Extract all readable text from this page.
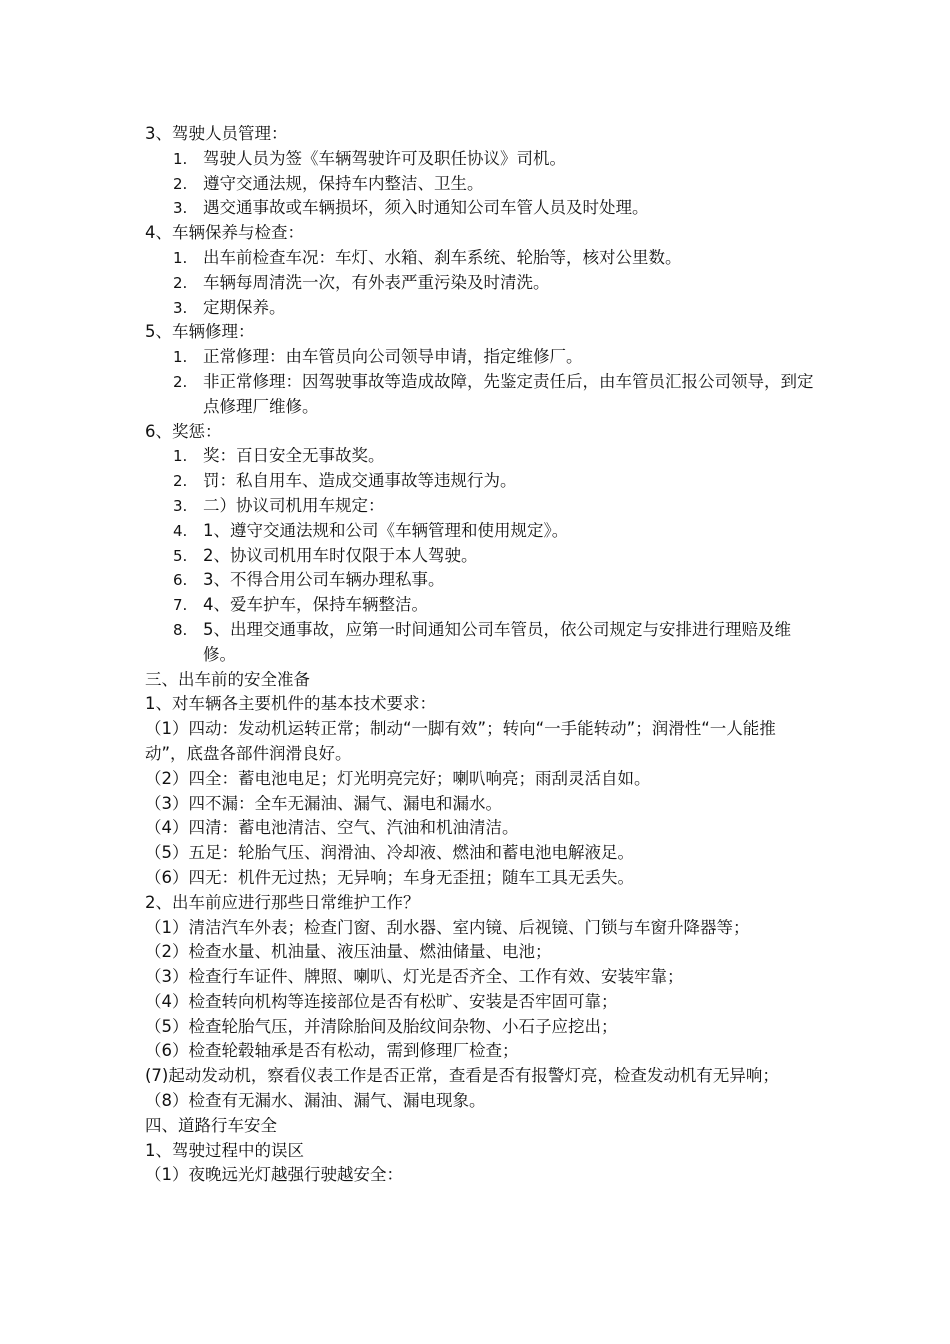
3、驾驶人员管理：

1. 驾驶人员为签《车辆驾驶许可及职任协议》司机。
2. 遵守交通法规，保持车内整洁、卫生。
3. 遇交通事故或车辆损坏，须入时通知公司车管人员及时处理。

4、车辆保养与检查：

1. 出车前检查车况：车灯、水箱、刹车系统、轮胎等，核对公里数。
2. 车辆每周清洗一次，有外表严重污染及时清洗。
3. 定期保养。

5、车辆修理：

1. 正常修理：由车管员向公司领导申请，指定维修厂。
2. 非正常修理：因驾驶事故等造成故障，先鉴定责任后，由车管员汇报公司领导，到定点修理厂维修。

6、奖惩：

1. 奖：百日安全无事故奖。
2. 罚：私自用车、造成交通事故等违规行为。
3. 二）协议司机用车规定：
4. 1、遵守交通法规和公司《车辆管理和使用规定》。
5. 2、协议司机用车时仅限于本人驾驶。
6. 3、不得合用公司车辆办理私事。
7. 4、爱车护车，保持车辆整洁。
8. 5、出理交通事故，应第一时间通知公司车管员，依公司规定与安排进行理赔及维修。

三、出车前的安全准备

1、对车辆各主要机件的基本技术要求：

（1）四动：发动机运转正常；制动“一脚有效”；转向“一手能转动”；润滑性“一人能推动”，底盘各部件润滑良好。

（2）四全：蓄电池电足；灯光明亮完好；喇叭响亮；雨刮灵活自如。

（3）四不漏：全车无漏油、漏气、漏电和漏水。

（4）四清：蓄电池清洁、空气、汽油和机油清洁。

（5）五足：轮胎气压、润滑油、冷却液、燃油和蓄电池电解液足。

（6）四无：机件无过热；无异响；车身无歪扭；随车工具无丢失。

2、出车前应进行那些日常维护工作？

（1）清洁汽车外表；检查门窗、刮水器、室内镜、后视镜、门锁与车窗升降器等；

（2）检查水量、机油量、液压油量、燃油储量、电池；

（3）检查行车证件、牌照、喇叭、灯光是否齐全、工作有效、安装牢靠；

（4）检查转向机构等连接部位是否有松旷、安装是否牢固可靠；

（5）检查轮胎气压，并清除胎间及胎纹间杂物、小石子应挖出；

（6）检查轮毂轴承是否有松动，需到修理厂检查；

(7)起动发动机，察看仪表工作是否正常，查看是否有报警灯亮，检查发动机有无异响；

（8）检查有无漏水、漏油、漏气、漏电现象。

四、道路行车安全

1、驾驶过程中的误区

（1）夜晚远光灯越强行驶越安全：
